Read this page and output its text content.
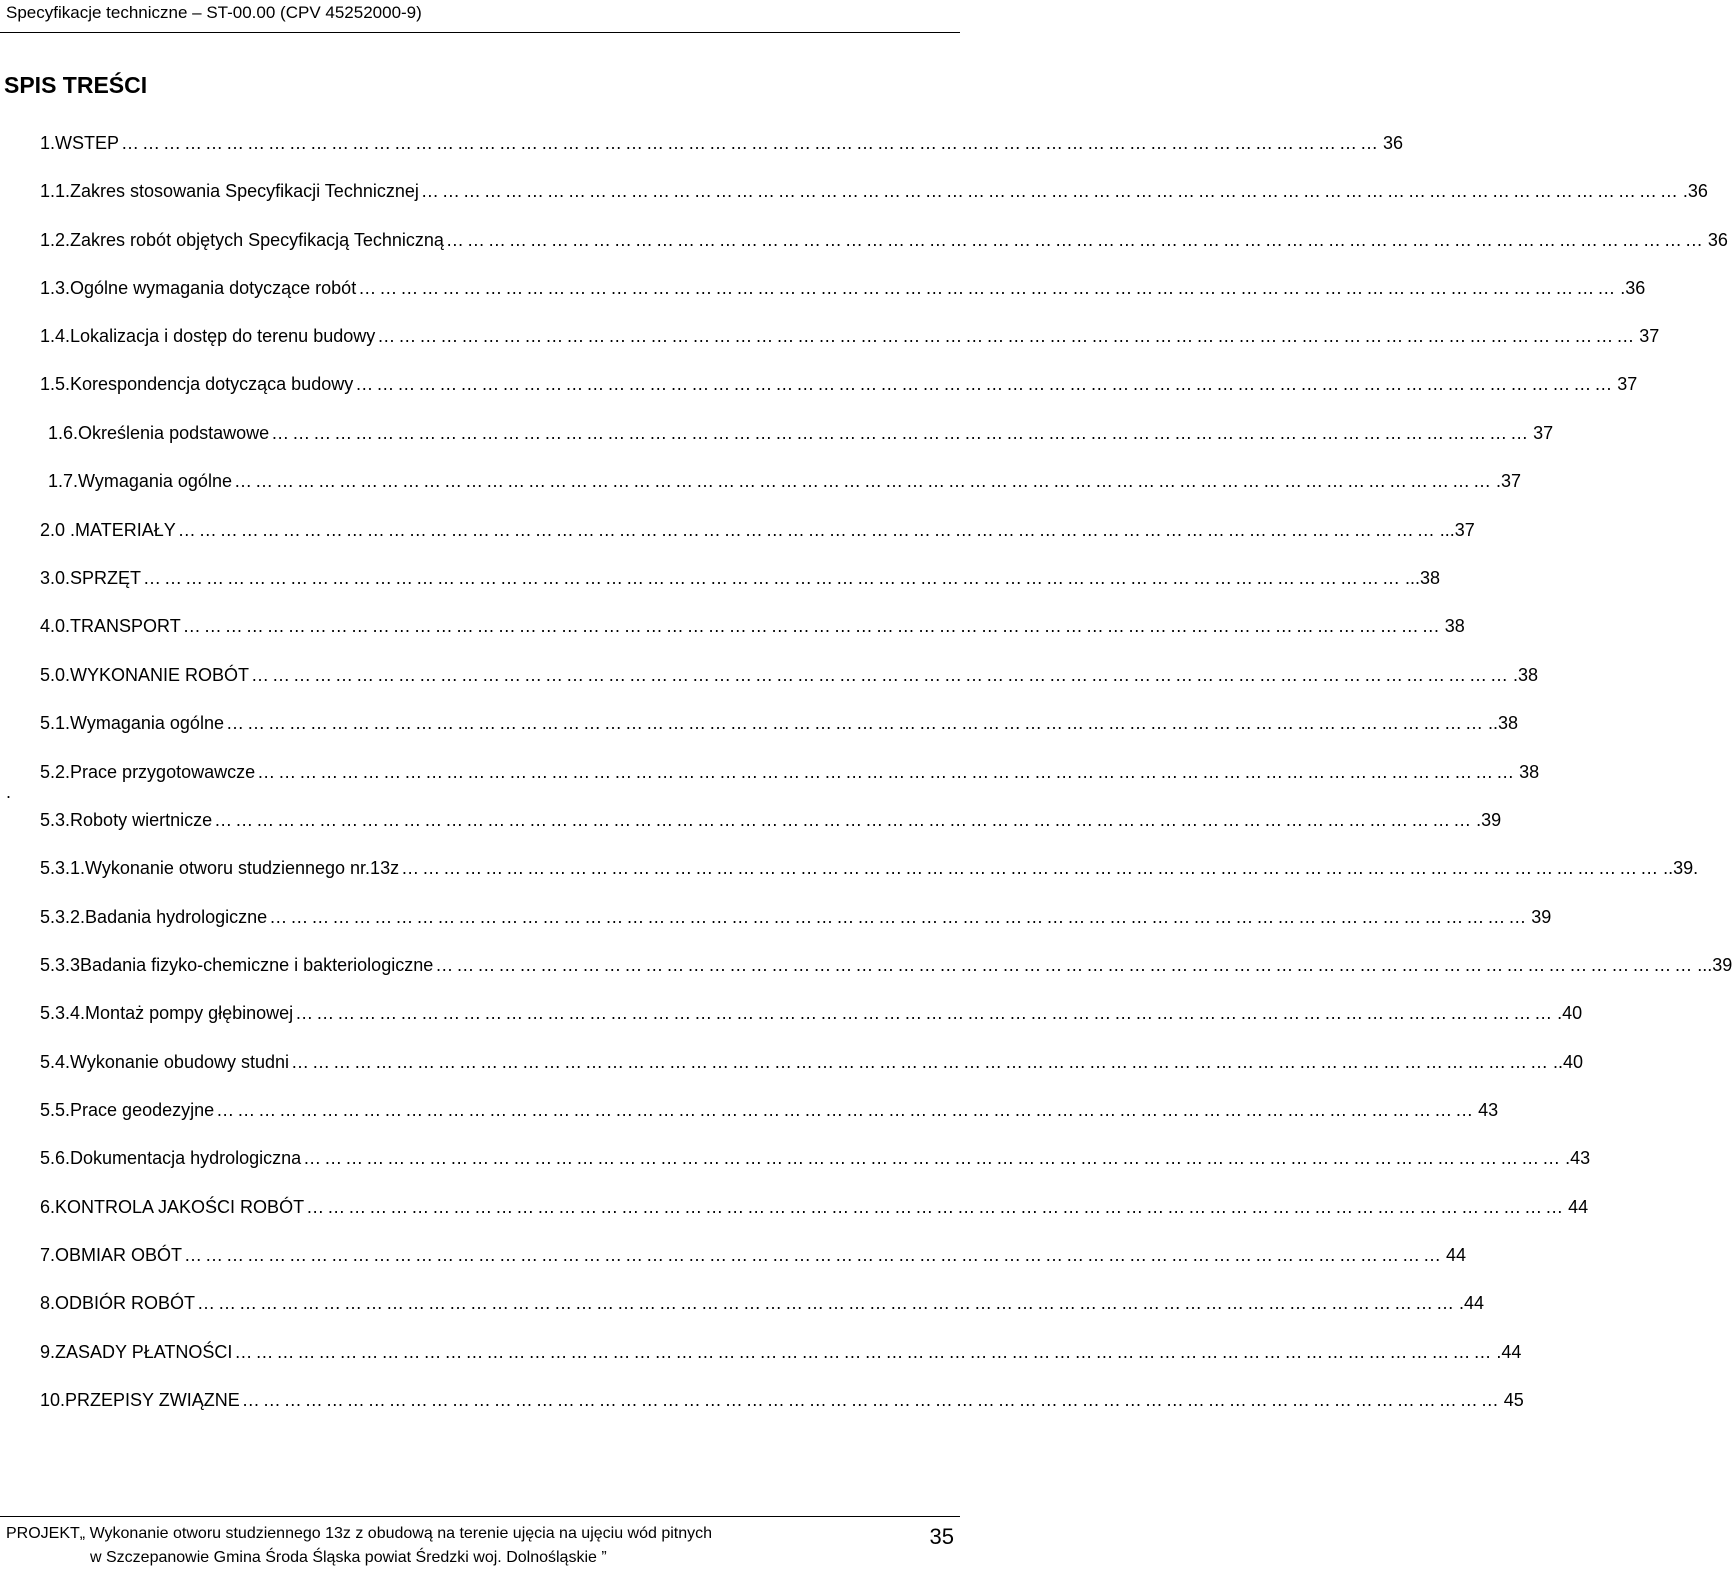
Specyfikacje techniczne – ST-00.00 (CPV 45252000-9)
SPIS TREŚCI
.
1. WSTEP ……………………………………………………………………………………………………………………………………………………………… 36
1.1. Zakres stosowania Specyfikacji Technicznej ……………………………………………………………………………………………………………………………………………………………… .36
1.2. Zakres robót objętych Specyfikacją Techniczną ……………………………………………………………………………………………………………………………………………………………… 36
1.3. Ogólne wymagania dotyczące robót ……………………………………………………………………………………………………………………………………………………………… .36
1.4. Lokalizacja i dostęp do terenu budowy ……………………………………………………………………………………………………………………………………………………………… 37
1.5. Korespondencja dotycząca budowy ……………………………………………………………………………………………………………………………………………………………… 37
1.6. Określenia podstawowe ……………………………………………………………………………………………………………………………………………………………… 37
1.7. Wymagania ogólne ……………………………………………………………………………………………………………………………………………………………… .37
2.0 . MATERIAŁY ……………………………………………………………………………………………………………………………………………………………… ...37
3.0. SPRZĘT ……………………………………………………………………………………………………………………………………………………………… ...38
4.0. TRANSPORT ……………………………………………………………………………………………………………………………………………………………… 38
5.0. WYKONANIE ROBÓT ……………………………………………………………………………………………………………………………………………………………… .38
5.1. Wymagania ogólne ……………………………………………………………………………………………………………………………………………………………… ..38
5.2. Prace przygotowawcze ……………………………………………………………………………………………………………………………………………………………… 38
5.3. Roboty wiertnicze ……………………………………………………………………………………………………………………………………………………………… .39
5.3.1. Wykonanie otworu studziennego nr.13z ……………………………………………………………………………………………………………………………………………………………… ..39.
5.3.2. Badania hydrologiczne ……………………………………………………………………………………………………………………………………………………………… 39
5.3.3 Badania fizyko-chemiczne i bakteriologiczne ……………………………………………………………………………………………………………………………………………………………… ...39
5.3.4. Montaż pompy głębinowej ……………………………………………………………………………………………………………………………………………………………… .40
5.4. Wykonanie obudowy studni ……………………………………………………………………………………………………………………………………………………………… ..40
5.5. Prace geodezyjne ……………………………………………………………………………………………………………………………………………………………… 43
5.6. Dokumentacja hydrologiczna ……………………………………………………………………………………………………………………………………………………………… .43
6. KONTROLA JAKOŚCI ROBÓT ……………………………………………………………………………………………………………………………………………………………… 44
7. OBMIAR OBÓT ……………………………………………………………………………………………………………………………………………………………… 44
8. ODBIÓR ROBÓT ……………………………………………………………………………………………………………………………………………………………… .44
9. ZASADY PŁATNOŚCI ……………………………………………………………………………………………………………………………………………………………… .44
10. PRZEPISY ZWIĄZNE ……………………………………………………………………………………………………………………………………………………………… 45
PROJEKT„ Wykonanie otworu studziennego 13z z obudową na terenie ujęcia na ujęciu wód pitnych
w Szczepanowie Gmina Środa Śląska powiat Średzki woj. Dolnośląskie ”
35
